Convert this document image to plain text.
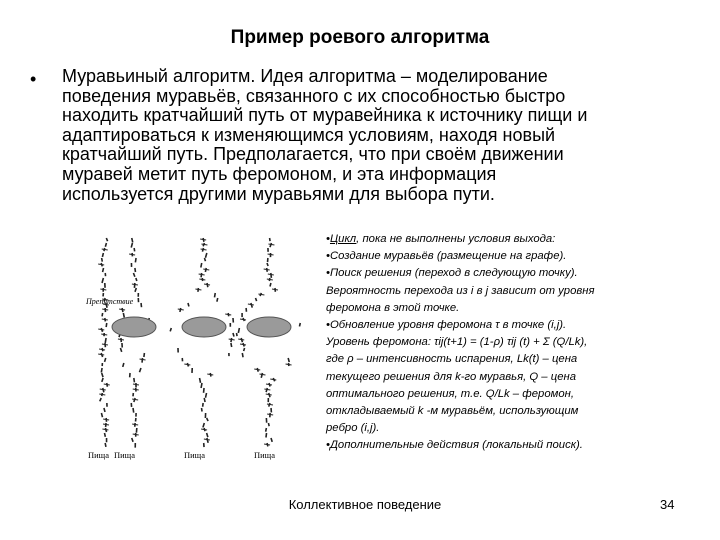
Пример роевого алгоритма
• Муравьиный алгоритм. Идея алгоритма – моделирование
поведения муравьёв, связанного с их способностью быстро
находить кратчайший путь от муравейника к источнику пищи и
адаптироваться к изменяющимся условиям, находя новый
кратчайший путь. Предполагается, что при своём движении
муравей метит путь феромоном, и эта информация
используется другими муравьями для выбора пути.
Препятствие
Пища Пища	Пища	Пища
•Цикл, пока не выполнены условия выхода:
•Создание муравьёв (размещение на графе).
•Поиск решения (переход в следующую точку).
Вероятность перехода из i в j зависит от уровня
феромона в этой точке.
•Обновление уровня феромона τ в точке (i,j).
Уровень феромона: τij(t+1) = (1-ρ) τij (t) + Σ (Q/Lk),
где ρ – интенсивность испарения, Lk(t) – цена
текущего решения для k-го муравья, Q – цена
оптимального решения, т.е. Q/Lk – феромон,
откладываемый k -м муравьём, использующим
ребро (i,j).
•Дополнительные действия (локальный поиск).
Коллективное поведение	34
